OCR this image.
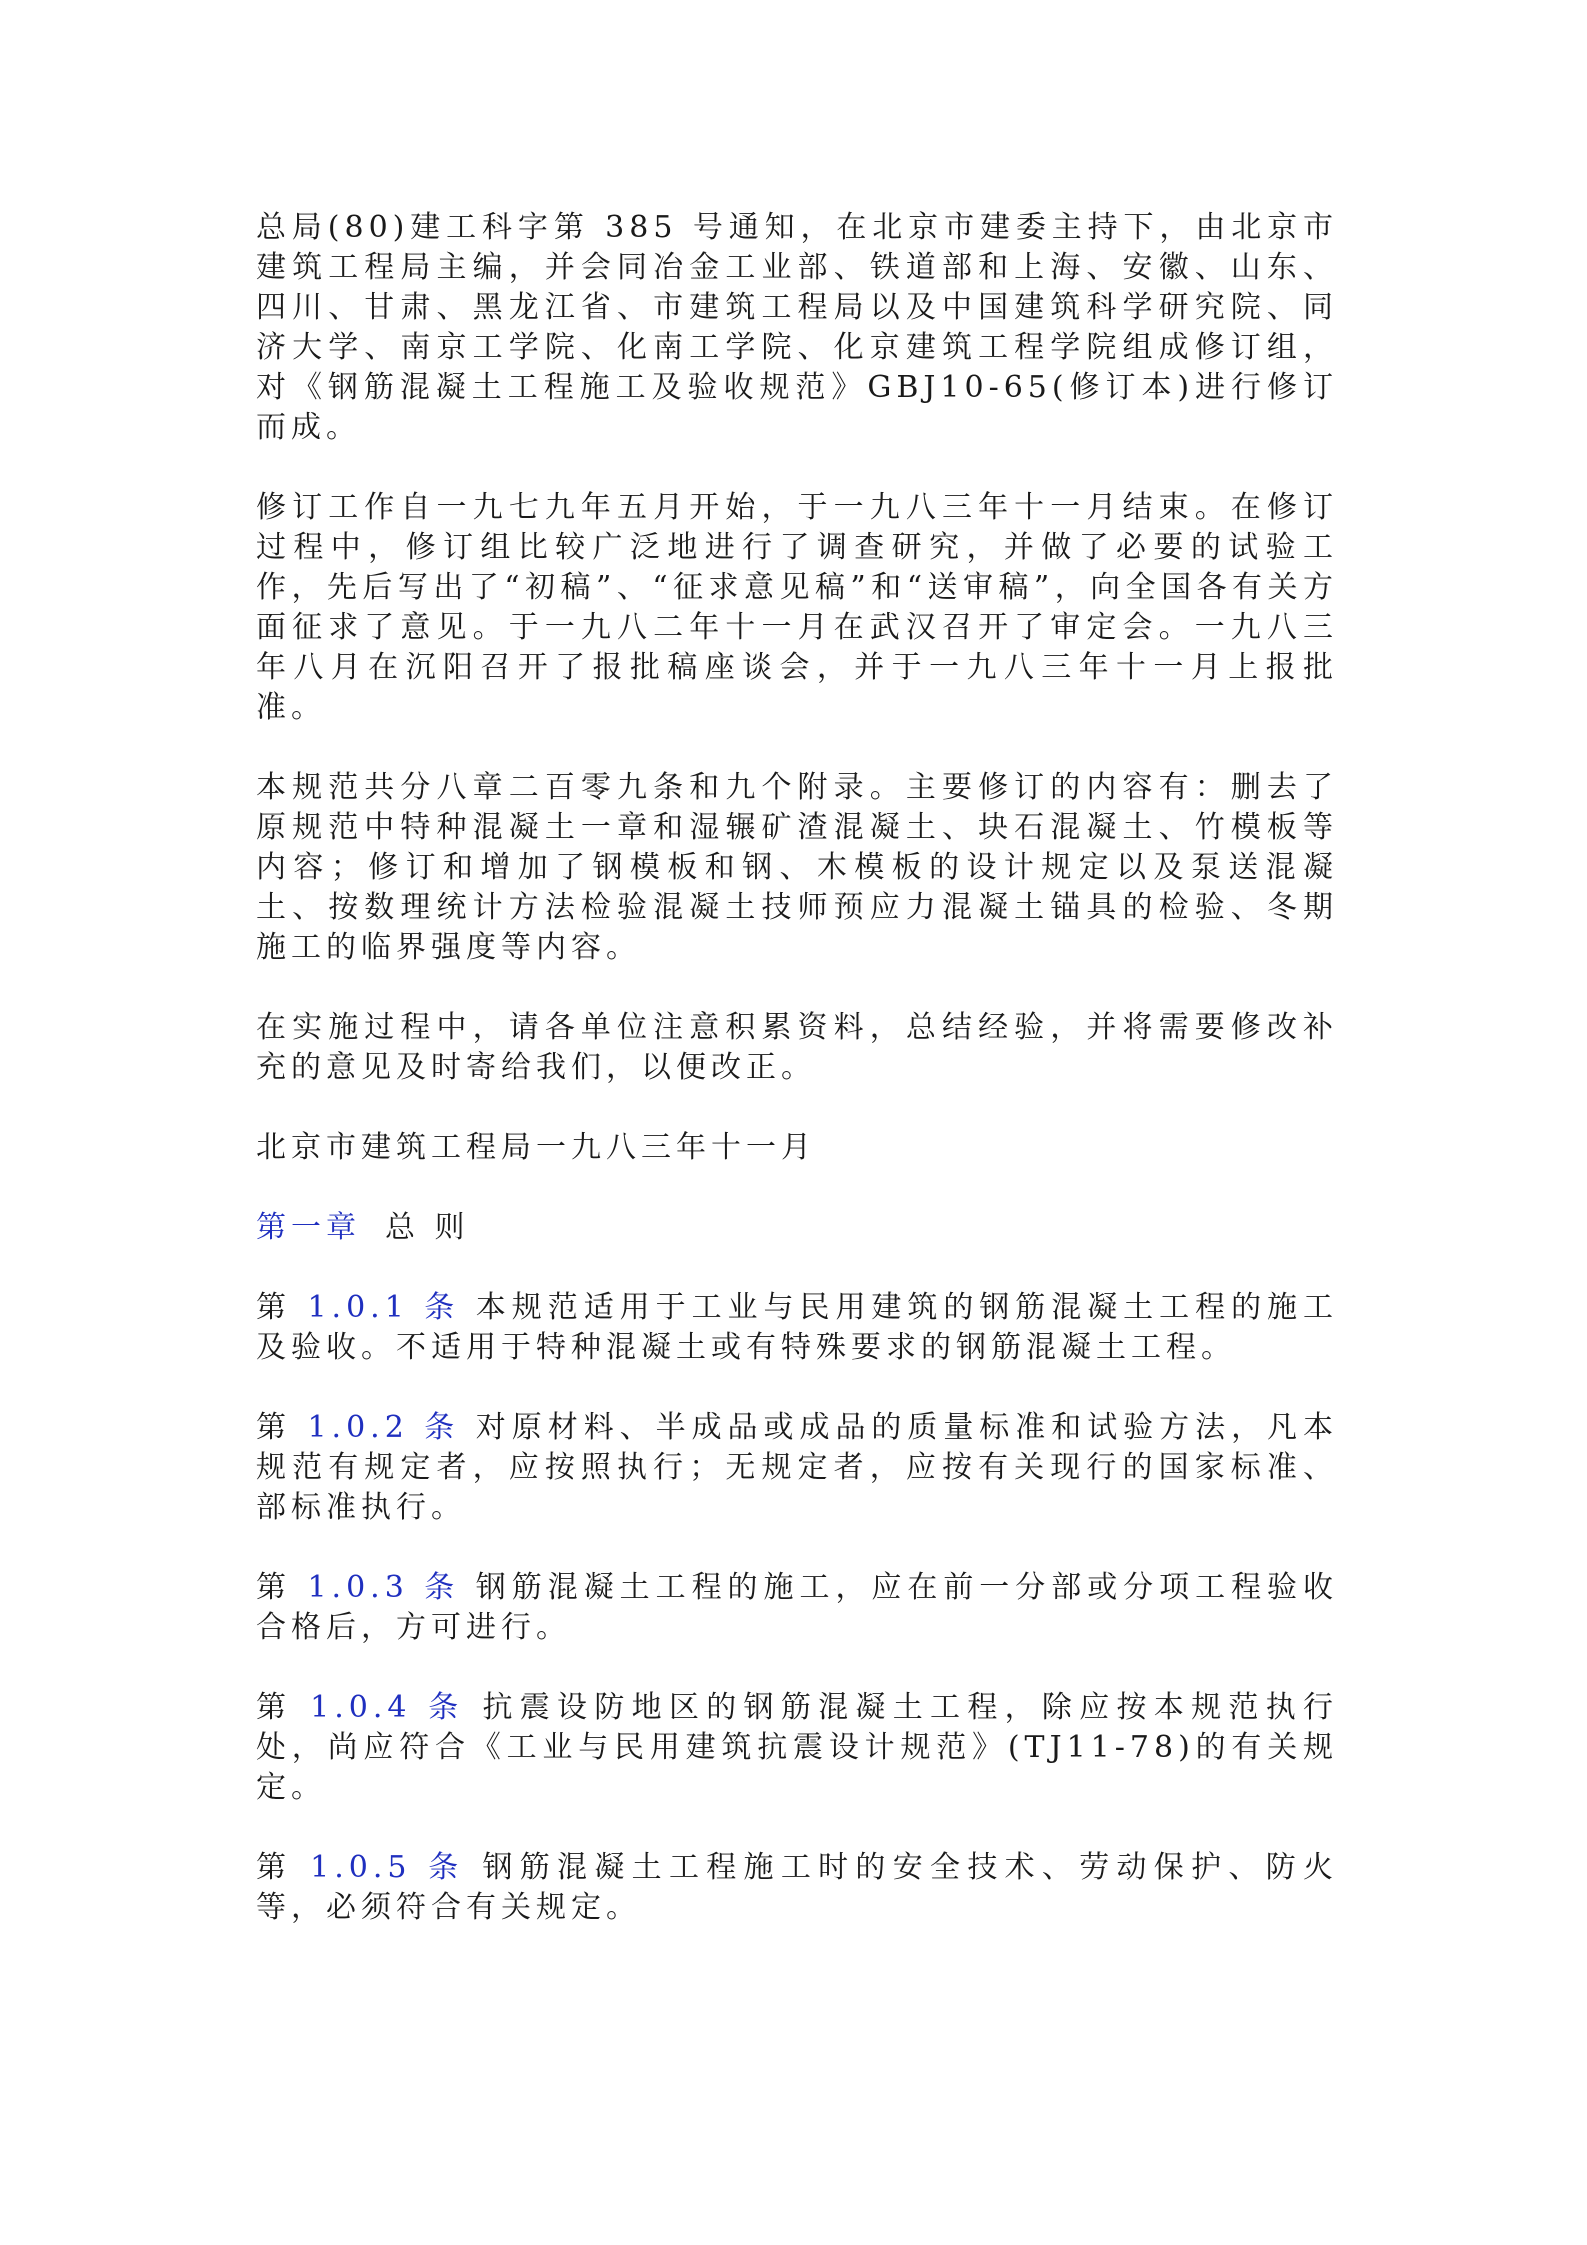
总局(80)建工科字第 385 号通知，在北京市建委主持下，由北京市建筑工程局主编，并会同冶金工业部、铁道部和上海、安徽、山东、四川、甘肃、黑龙江省、市建筑工程局以及中国建筑科学研究院、同济大学、南京工学院、化南工学院、化京建筑工程学院组成修订组，对《钢筋混凝土工程施工及验收规范》GBJ10-65(修订本)进行修订而成。

修订工作自一九七九年五月开始，于一九八三年十一月结束。在修订过程中，修订组比较广泛地进行了调查研究，并做了必要的试验工作，先后写出了“初稿”、“征求意见稿”和“送审稿”，向全国各有关方面征求了意见。于一九八二年十一月在武汉召开了审定会。一九八三年八月在沉阳召开了报批稿座谈会，并于一九八三年十一月上报批准。

本规范共分八章二百零九条和九个附录。主要修订的内容有：删去了原规范中特种混凝土一章和湿辗矿渣混凝土、块石混凝土、竹模板等内容；修订和增加了钢模板和钢、木模板的设计规定以及泵送混凝土、按数理统计方法检验混凝土技师预应力混凝土锚具的检验、冬期施工的临界强度等内容。

在实施过程中，请各单位注意积累资料，总结经验，并将需要修改补充的意见及时寄给我们，以便改正。

北京市建筑工程局一九八三年十一月

第一章 总 则

第 1.0.1 条 本规范适用于工业与民用建筑的钢筋混凝土工程的施工及验收。不适用于特种混凝土或有特殊要求的钢筋混凝土工程。

第 1.0.2 条 对原材料、半成品或成品的质量标准和试验方法，凡本规范有规定者，应按照执行；无规定者，应按有关现行的国家标准、部标准执行。

第 1.0.3 条 钢筋混凝土工程的施工，应在前一分部或分项工程验收合格后，方可进行。

第 1.0.4 条 抗震设防地区的钢筋混凝土工程，除应按本规范执行处，尚应符合《工业与民用建筑抗震设计规范》(TJ11-78)的有关规定。

第 1.0.5 条 钢筋混凝土工程施工时的安全技术、劳动保护、防火等，必须符合有关规定。
